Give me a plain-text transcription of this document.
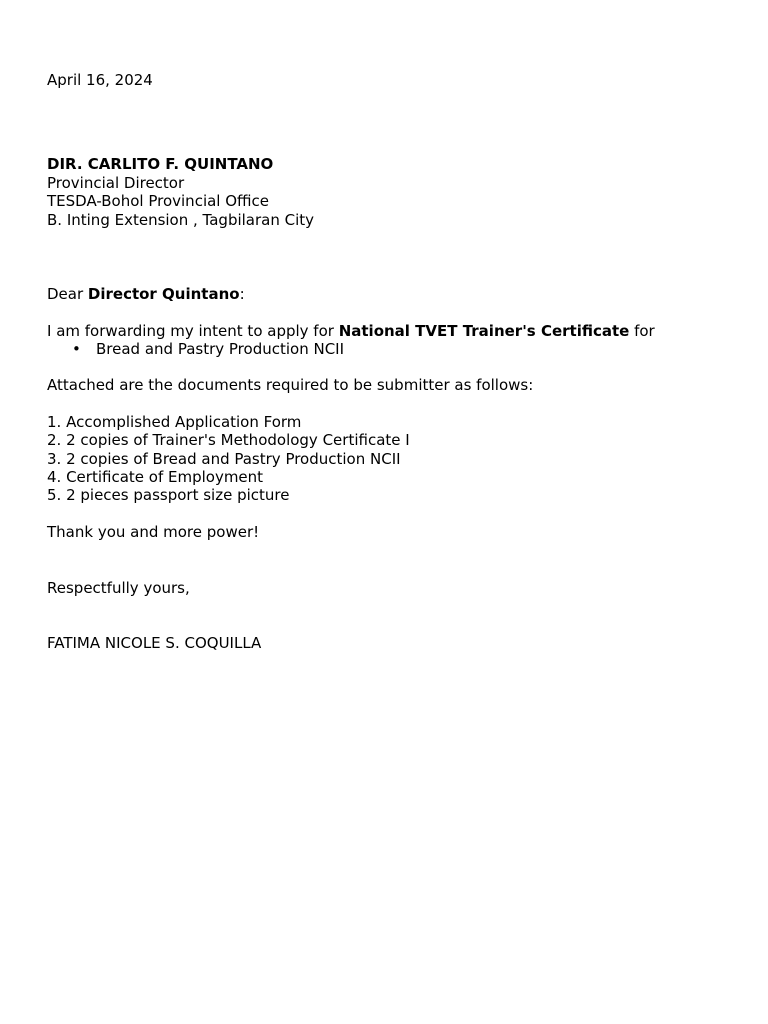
April 16, 2024
DIR. CARLITO F. QUINTANO
Provincial Director
TESDA-Bohol Provincial Office
B. Inting Extension , Tagbilaran City
Dear Director Quintano:
I am forwarding my intent to apply for National TVET Trainer's Certificate for
• Bread and Pastry Production NCII
Attached are the documents required to be submitter as follows:
1. Accomplished Application Form
2. 2 copies of Trainer's Methodology Certificate I
3. 2 copies of Bread and Pastry Production NCII
4. Certificate of Employment
5. 2 pieces passport size picture
Thank you and more power!
Respectfully yours,
FATIMA NICOLE S. COQUILLA
